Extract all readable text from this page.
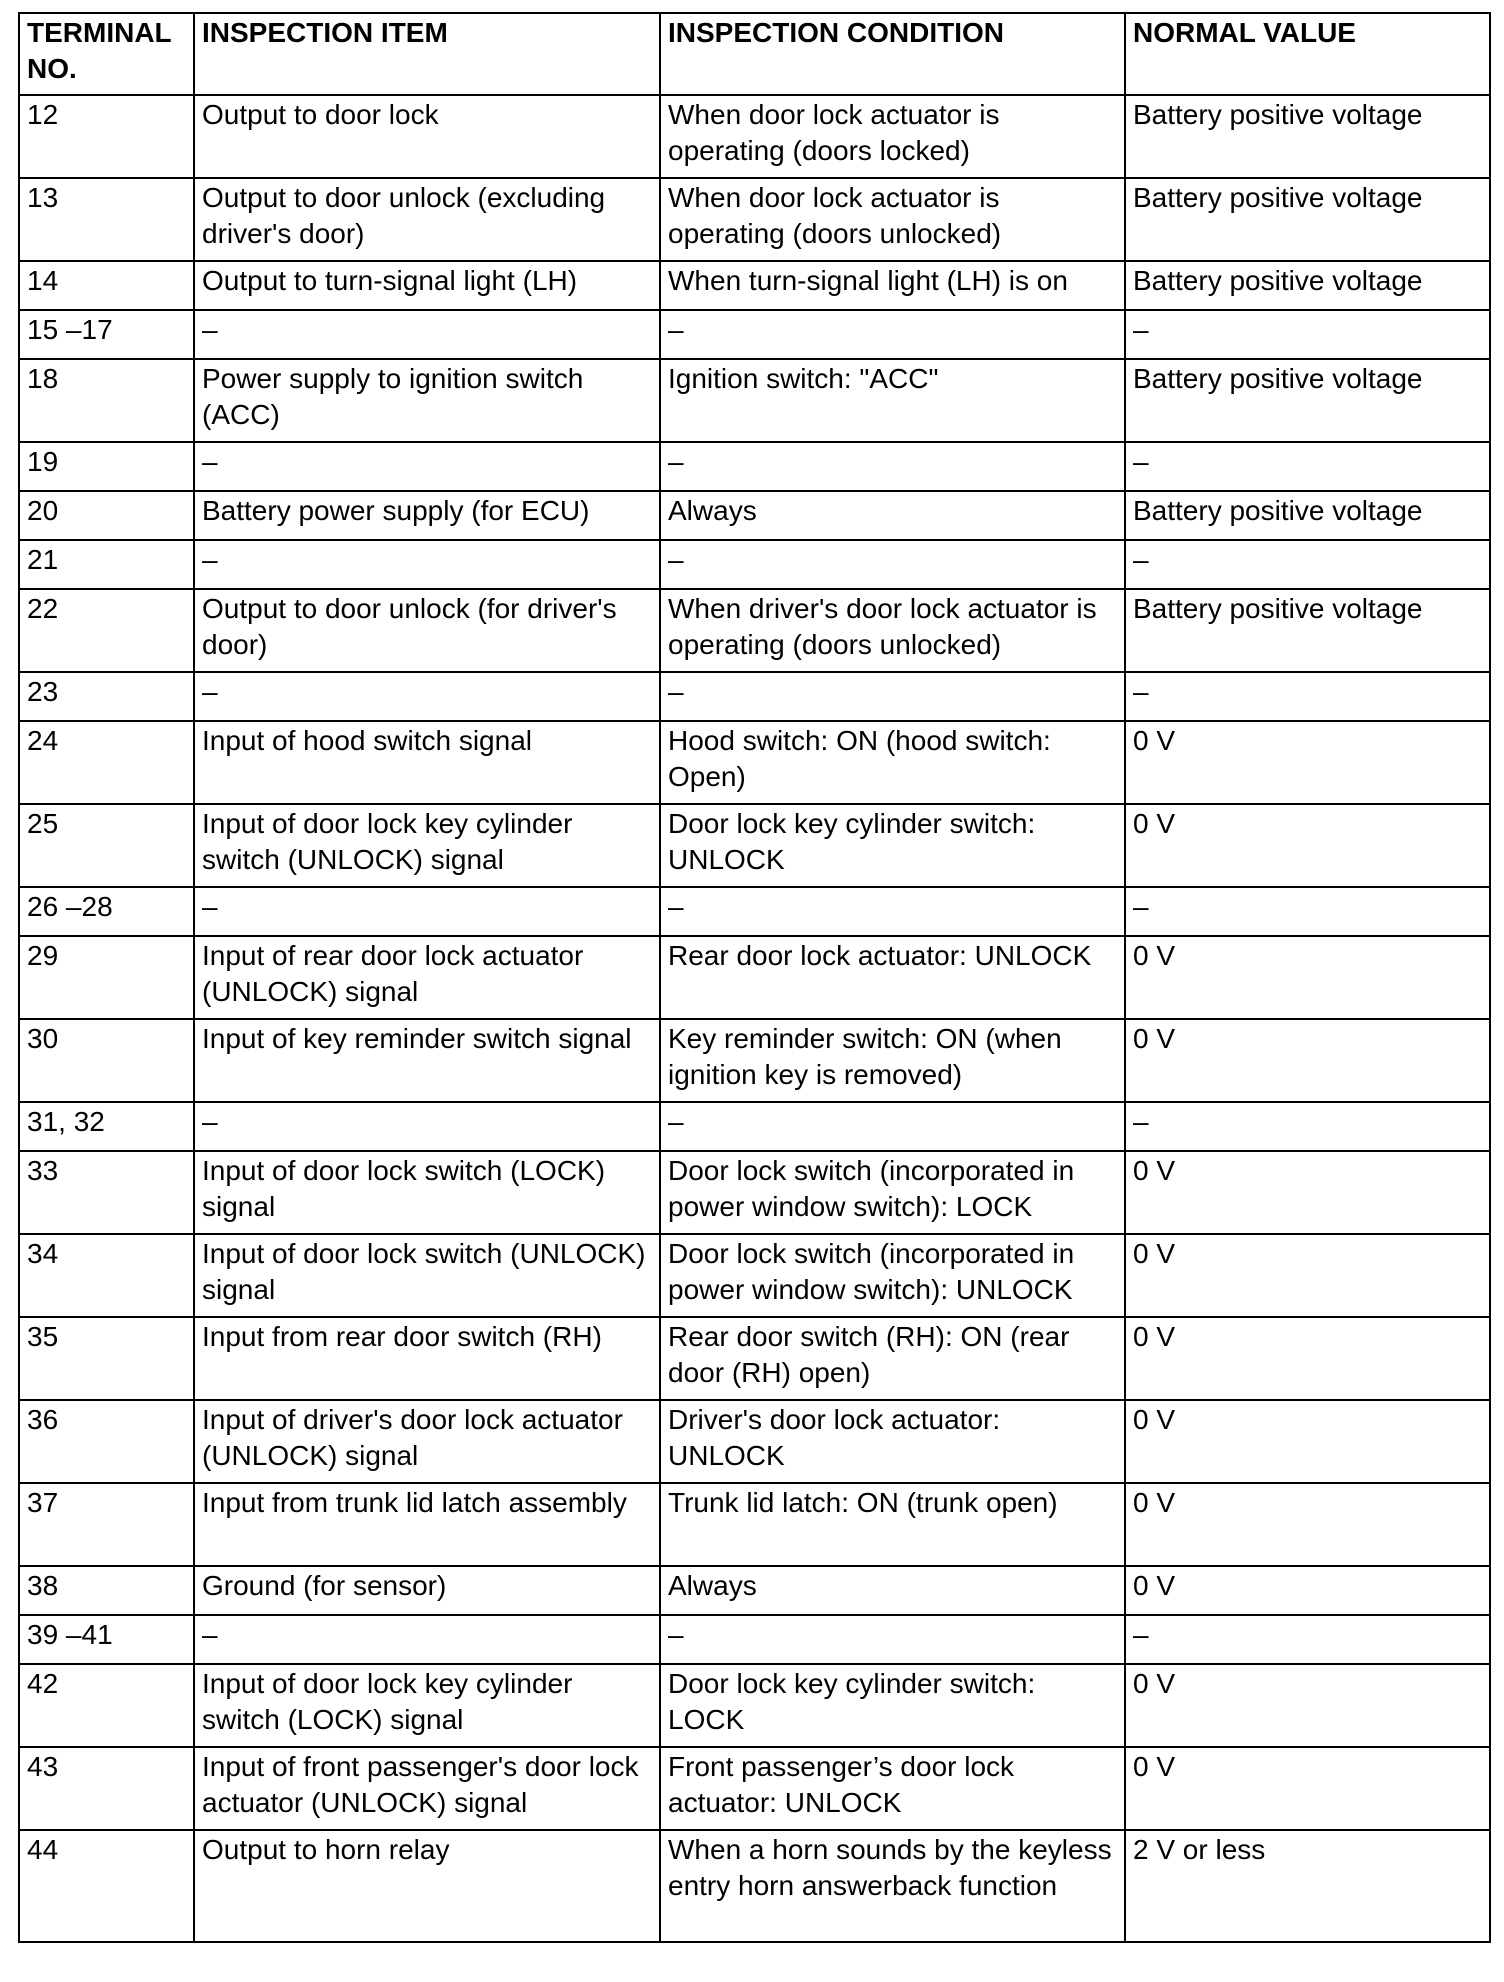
TERMINAL NO.	INSPECTION ITEM	INSPECTION CONDITION	NORMAL VALUE
12	Output to door lock	When door lock actuator is operating (doors locked)	Battery positive voltage
13	Output to door unlock (excluding driver's door)	When door lock actuator is operating (doors unlocked)	Battery positive voltage
14	Output to turn-signal light (LH)	When turn-signal light (LH) is on	Battery positive voltage
15 –17	–	–	–
18	Power supply to ignition switch (ACC)	Ignition switch: "ACC"	Battery positive voltage
19	–	–	–
20	Battery power supply (for ECU)	Always	Battery positive voltage
21	–	–	–
22	Output to door unlock (for driver's door)	When driver's door lock actuator is operating (doors unlocked)	Battery positive voltage
23	–	–	–
24	Input of hood switch signal	Hood switch: ON (hood switch: Open)	0 V
25	Input of door lock key cylinder switch (UNLOCK) signal	Door lock key cylinder switch: UNLOCK	0 V
26 –28	–	–	–
29	Input of rear door lock actuator (UNLOCK) signal	Rear door lock actuator: UNLOCK	0 V
30	Input of key reminder switch signal	Key reminder switch: ON (when ignition key is removed)	0 V
31, 32	–	–	–
33	Input of door lock switch (LOCK) signal	Door lock switch (incorporated in power window switch): LOCK	0 V
34	Input of door lock switch (UNLOCK) signal	Door lock switch (incorporated in power window switch): UNLOCK	0 V
35	Input from rear door switch (RH)	Rear door switch (RH): ON (rear door (RH) open)	0 V
36	Input of driver's door lock actuator (UNLOCK) signal	Driver's door lock actuator: UNLOCK	0 V
37	Input from trunk lid latch assembly	Trunk lid latch: ON (trunk open)	0 V
38	Ground (for sensor)	Always	0 V
39 –41	–	–	–
42	Input of door lock key cylinder switch (LOCK) signal	Door lock key cylinder switch: LOCK	0 V
43	Input of front passenger's door lock actuator (UNLOCK) signal	Front passenger’s door lock actuator: UNLOCK	0 V
44	Output to horn relay	When a horn sounds by the keyless entry horn answerback function	2 V or less
